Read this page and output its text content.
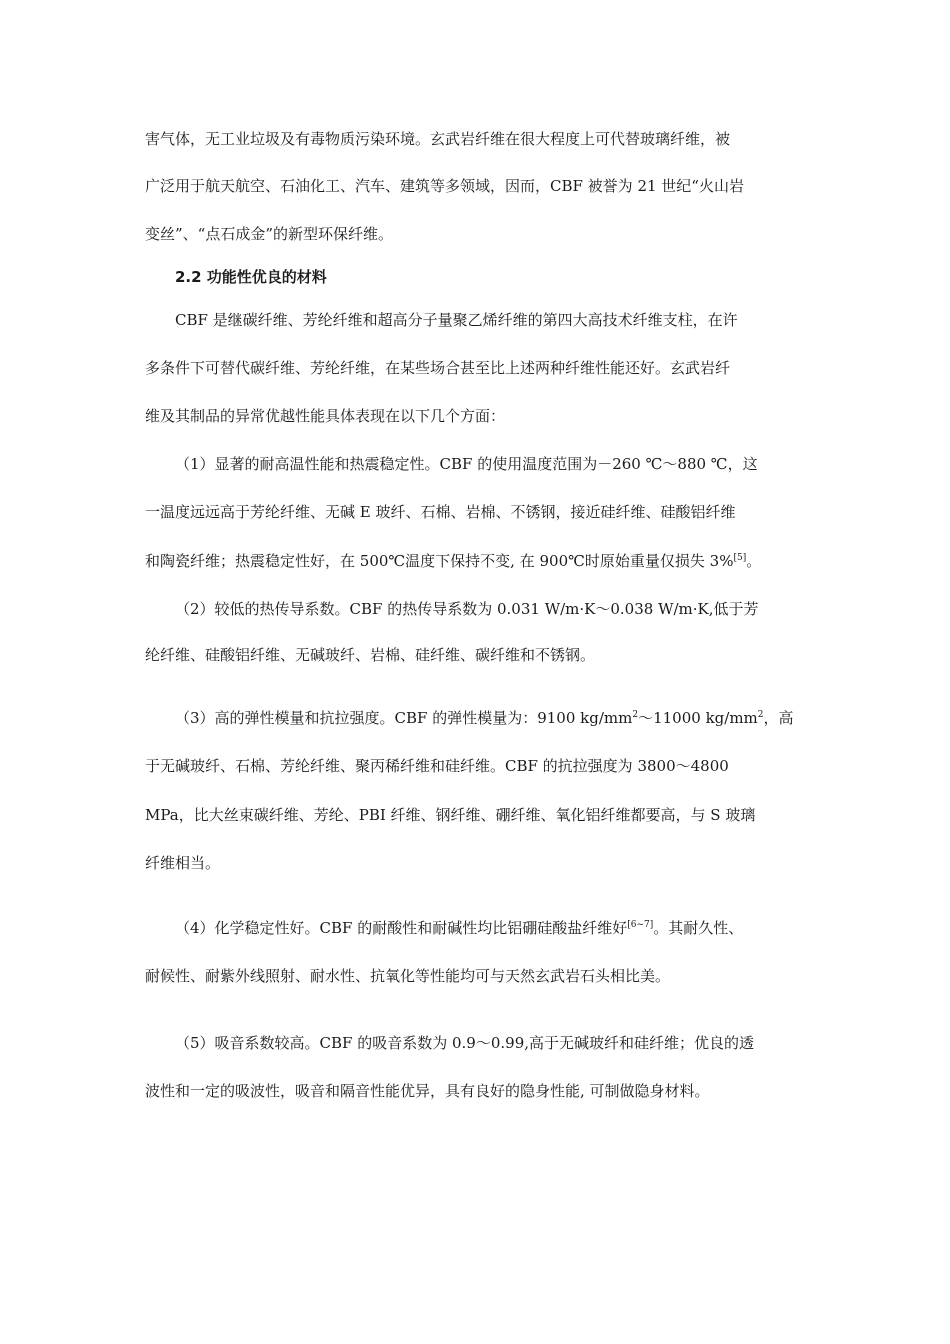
害气体，无工业垃圾及有毒物质污染环境。玄武岩纤维在很大程度上可代替玻璃纤维，被
广泛用于航天航空、石油化工、汽车、建筑等多领域，因而，CBF 被誉为 21 世纪“火山岩
变丝”、“点石成金”的新型环保纤维。
2.2 功能性优良的材料
CBF 是继碳纤维、芳纶纤维和超高分子量聚乙烯纤维的第四大高技术纤维支柱，在许
多条件下可替代碳纤维、芳纶纤维，在某些场合甚至比上述两种纤维性能还好。玄武岩纤
维及其制品的异常优越性能具体表现在以下几个方面：
（1）显著的耐高温性能和热震稳定性。CBF 的使用温度范围为－260 ℃～880 ℃，这
一温度远远高于芳纶纤维、无碱 E 玻纤、石棉、岩棉、不锈钢，接近硅纤维、硅酸铝纤维
和陶瓷纤维；热震稳定性好，在 500℃温度下保持不变, 在 900℃时原始重量仅损失 3%[5]。
（2）较低的热传导系数。CBF 的热传导系数为 0.031 W/m·K～0.038 W/m·K,低于芳
纶纤维、硅酸铝纤维、无碱玻纤、岩棉、硅纤维、碳纤维和不锈钢。
（3）高的弹性模量和抗拉强度。CBF 的弹性模量为：9100 $kg/mm^2\sim 11000$ $kg/mm^2$，高
于无碱玻纤、石棉、芳纶纤维、聚丙稀纤维和硅纤维。CBF 的抗拉强度为 3800～4800
MPa，比大丝束碳纤维、芳纶、PBI 纤维、钢纤维、硼纤维、氧化铝纤维都要高，与 S 玻璃
纤维相当。
（4）化学稳定性好。CBF 的耐酸性和耐碱性均比铝硼硅酸盐纤维好[6~7]。其耐久性、
耐候性、耐紫外线照射、耐水性、抗氧化等性能均可与天然玄武岩石头相比美。
（5）吸音系数较高。CBF 的吸音系数为 0.9～0.99,高于无碱玻纤和硅纤维；优良的透
波性和一定的吸波性，吸音和隔音性能优异，具有良好的隐身性能, 可制做隐身材料。
